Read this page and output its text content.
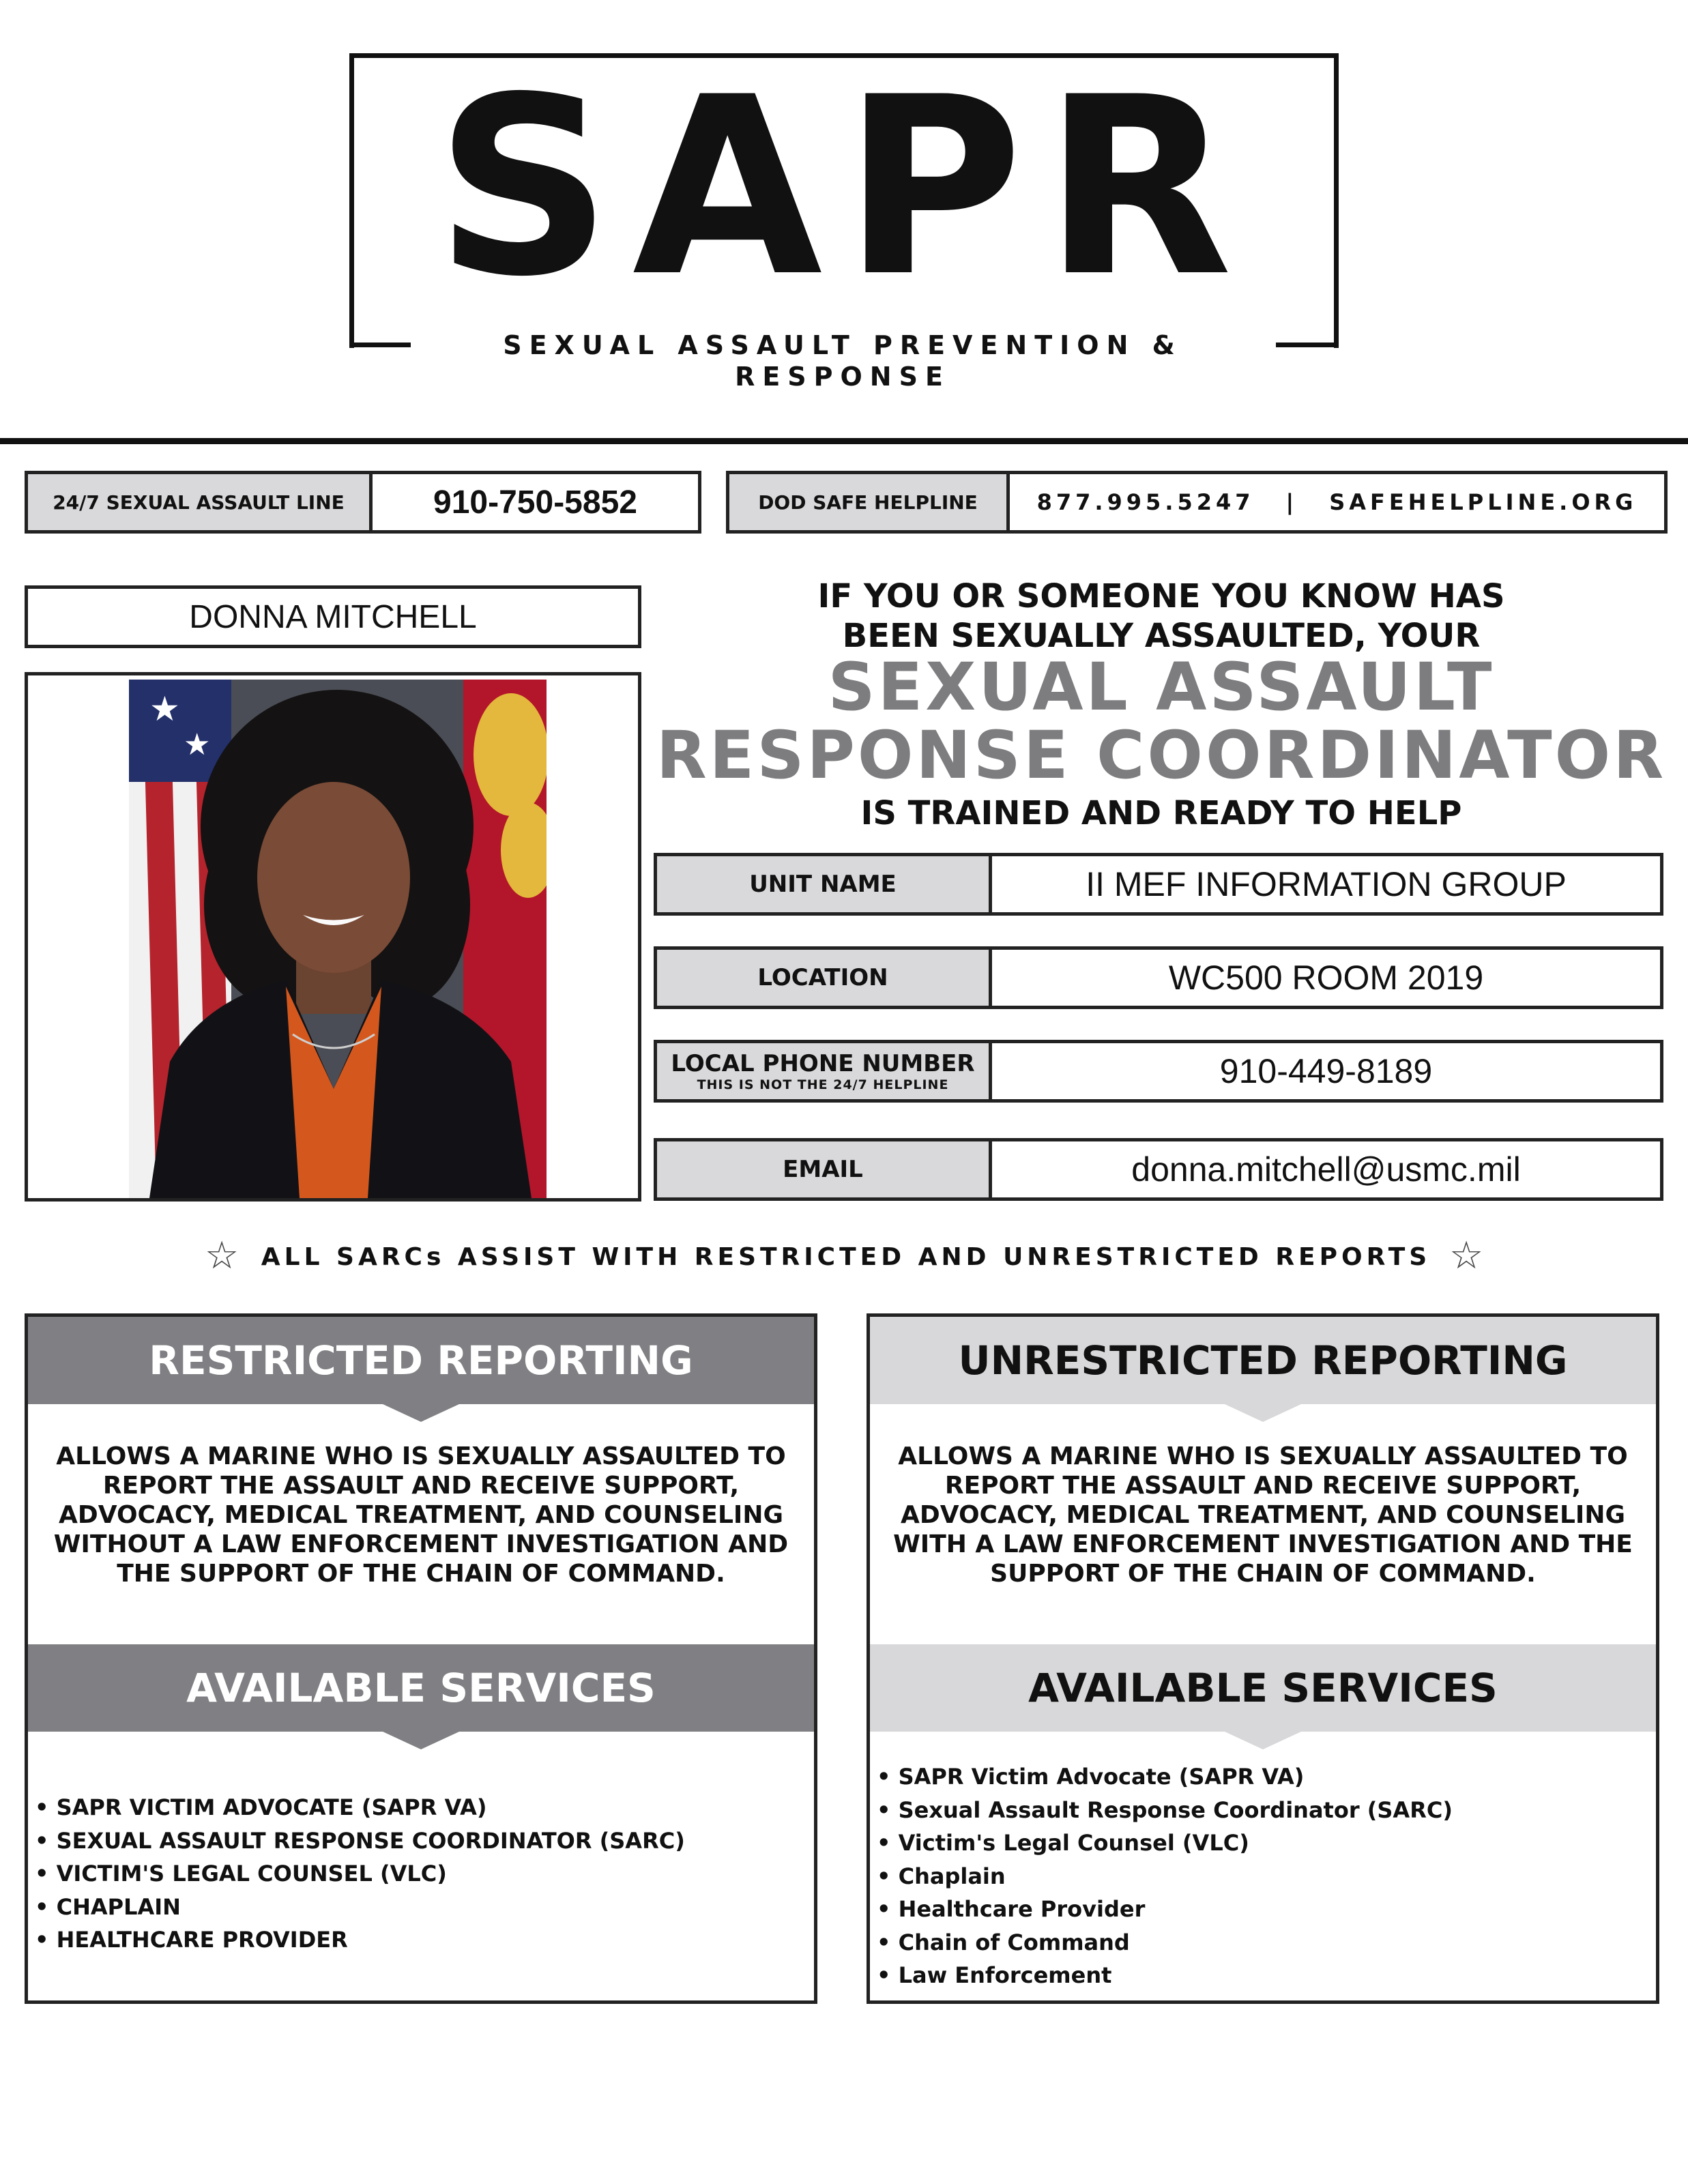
SAPR
SEXUAL ASSAULT PREVENTION & RESPONSE
24/7 SEXUAL ASSAULT LINE	910-750-5852	DOD SAFE HELPLINE	877.995.5247 | SAFEHELPLINE.ORG
DONNA MITCHELL
★
★
IF YOU OR SOMEONE YOU KNOW HAS
BEEN SEXUALLY ASSAULTED, YOUR
SEXUAL ASSAULT
RESPONSE COORDINATOR
IS TRAINED AND READY TO HELP
UNIT NAME	II MEF INFORMATION GROUP
LOCATION	WC500 ROOM 2019
LOCAL PHONE NUMBER
THIS IS NOT THE 24/7 HELPLINE	910-449-8189
EMAIL	donna.mitchell@usmc.mil
☆ ALL SARCs ASSIST WITH RESTRICTED AND UNRESTRICTED REPORTS ☆
RESTRICTED REPORTING
ALLOWS A MARINE WHO IS SEXUALLY ASSAULTED TO REPORT THE ASSAULT AND RECEIVE SUPPORT, ADVOCACY, MEDICAL TREATMENT, AND COUNSELING WITHOUT A LAW ENFORCEMENT INVESTIGATION AND THE SUPPORT OF THE CHAIN OF COMMAND.
AVAILABLE SERVICES
• SAPR VICTIM ADVOCATE (SAPR VA)
• SEXUAL ASSAULT RESPONSE COORDINATOR (SARC)
• VICTIM'S LEGAL COUNSEL (VLC)
• CHAPLAIN
• HEALTHCARE PROVIDER
UNRESTRICTED REPORTING
ALLOWS A MARINE WHO IS SEXUALLY ASSAULTED TO REPORT THE ASSAULT AND RECEIVE SUPPORT, ADVOCACY, MEDICAL TREATMENT, AND COUNSELING WITH A LAW ENFORCEMENT INVESTIGATION AND THE SUPPORT OF THE CHAIN OF COMMAND.
AVAILABLE SERVICES
• SAPR Victim Advocate (SAPR VA)
• Sexual Assault Response Coordinator (SARC)
• Victim's Legal Counsel (VLC)
• Chaplain
• Healthcare Provider
• Chain of Command
• Law Enforcement
